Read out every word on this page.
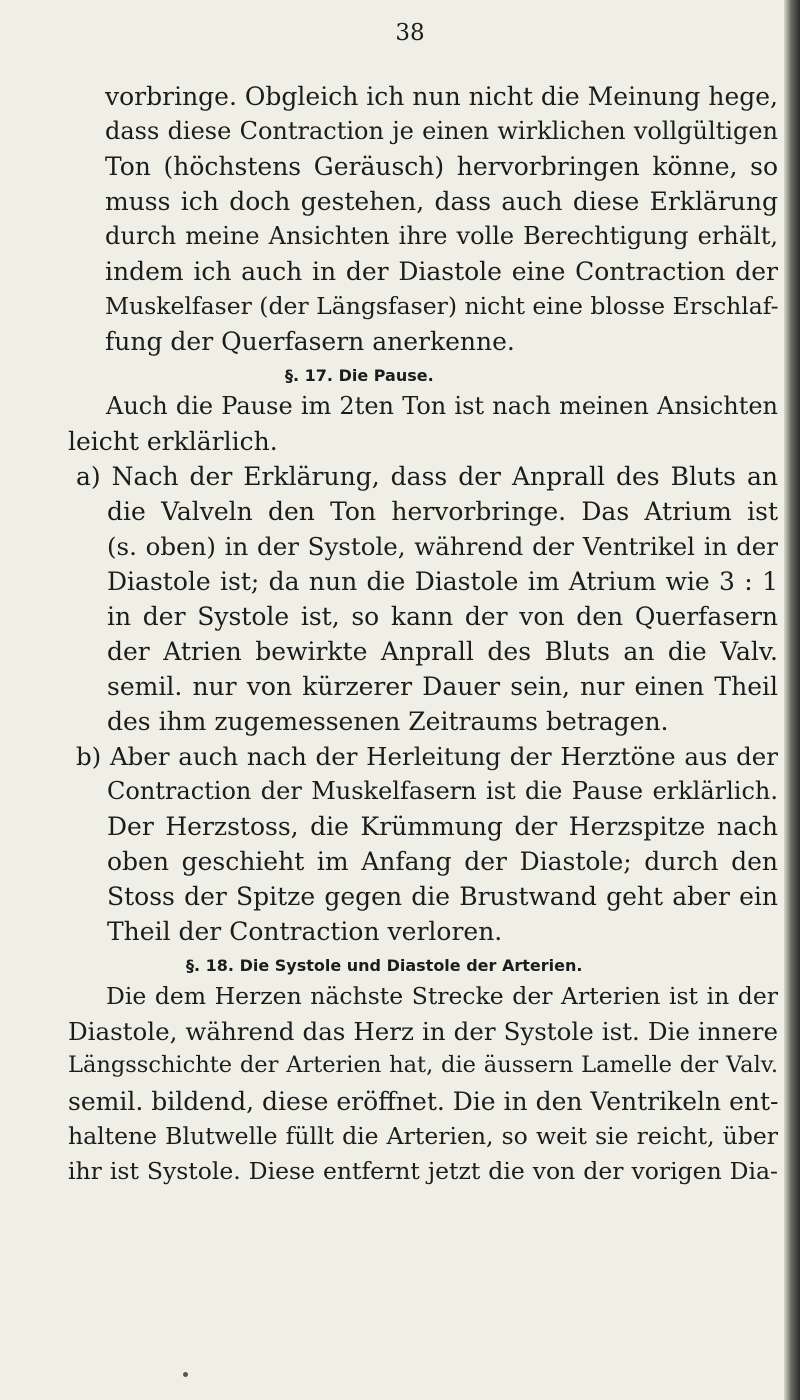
38
vorbringe. Obgleich ich nun nicht die Meinung hege,
dass diese Contraction je einen wirklichen vollgültigen
Ton (höchstens Geräusch) hervorbringen könne, so
muss ich doch gestehen, dass auch diese Erklärung
durch meine Ansichten ihre volle Berechtigung erhält,
indem ich auch in der Diastole eine Contraction der
Muskelfaser (der Längsfaser) nicht eine blosse Erschlaf-
fung der Querfasern anerkenne.
§. 17. Die Pause.
Auch die Pause im 2ten Ton ist nach meinen Ansichten
leicht erklärlich.
a) Nach der Erklärung, dass der Anprall des Bluts an
die Valveln den Ton hervorbringe. Das Atrium ist
(s. oben) in der Systole, während der Ventrikel in der
Diastole ist; da nun die Diastole im Atrium wie 3 : 1
in der Systole ist, so kann der von den Querfasern
der Atrien bewirkte Anprall des Bluts an die Valv.
semil. nur von kürzerer Dauer sein, nur einen Theil
des ihm zugemessenen Zeitraums betragen.
b) Aber auch nach der Herleitung der Herztöne aus der
Contraction der Muskelfasern ist die Pause erklärlich.
Der Herzstoss, die Krümmung der Herzspitze nach
oben geschieht im Anfang der Diastole; durch den
Stoss der Spitze gegen die Brustwand geht aber ein
Theil der Contraction verloren.
§. 18. Die Systole und Diastole der Arterien.
Die dem Herzen nächste Strecke der Arterien ist in der
Diastole, während das Herz in der Systole ist. Die innere
Längsschichte der Arterien hat, die äussern Lamelle der Valv.
semil. bildend, diese eröffnet. Die in den Ventrikeln ent-
haltene Blutwelle füllt die Arterien, so weit sie reicht, über
ihr ist Systole. Diese entfernt jetzt die von der vorigen Dia-
